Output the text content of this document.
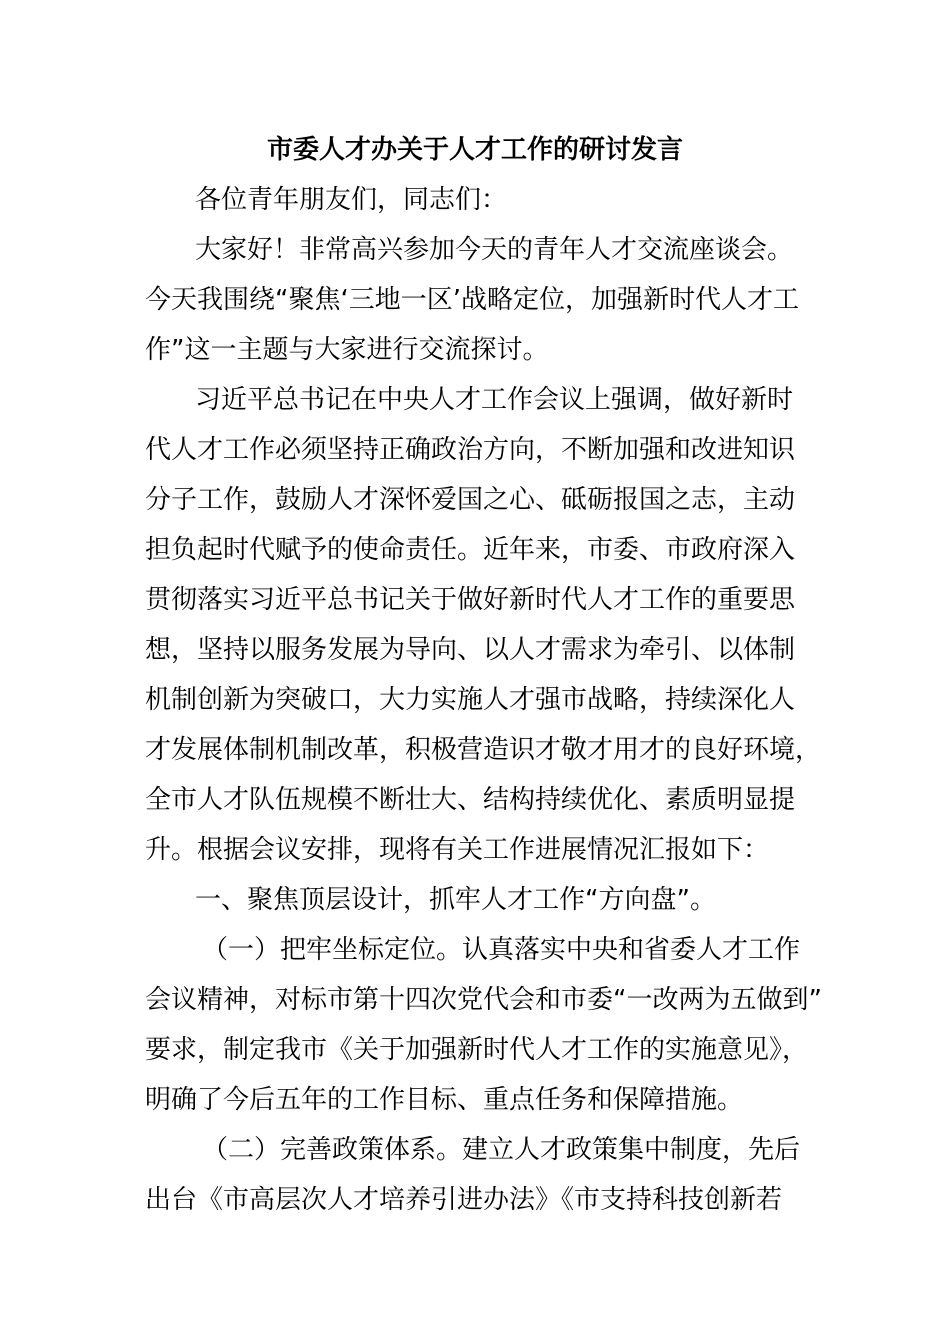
市委人才办关于人才工作的研讨发言
各位青年朋友们，同志们：
大家好！非常高兴参加今天的青年人才交流座谈会。
今天我围绕“聚焦‘三地一区’战略定位，加强新时代人才工
作”这一主题与大家进行交流探讨。
习近平总书记在中央人才工作会议上强调，做好新时
代人才工作必须坚持正确政治方向，不断加强和改进知识
分子工作，鼓励人才深怀爱国之心、砥砺报国之志，主动
担负起时代赋予的使命责任。近年来，市委、市政府深入
贯彻落实习近平总书记关于做好新时代人才工作的重要思
想，坚持以服务发展为导向、以人才需求为牵引、以体制
机制创新为突破口，大力实施人才强市战略，持续深化人
才发展体制机制改革，积极营造识才敬才用才的良好环境，
全市人才队伍规模不断壮大、结构持续优化、素质明显提
升。根据会议安排，现将有关工作进展情况汇报如下：
一、聚焦顶层设计，抓牢人才工作“方向盘”。
（一）把牢坐标定位。认真落实中央和省委人才工作
会议精神，对标市第十四次党代会和市委“一改两为五做到”
要求，制定我市《关于加强新时代人才工作的实施意见》，
明确了今后五年的工作目标、重点任务和保障措施。
（二）完善政策体系。建立人才政策集中制度，先后
出台《市高层次人才培养引进办法》《市支持科技创新若
